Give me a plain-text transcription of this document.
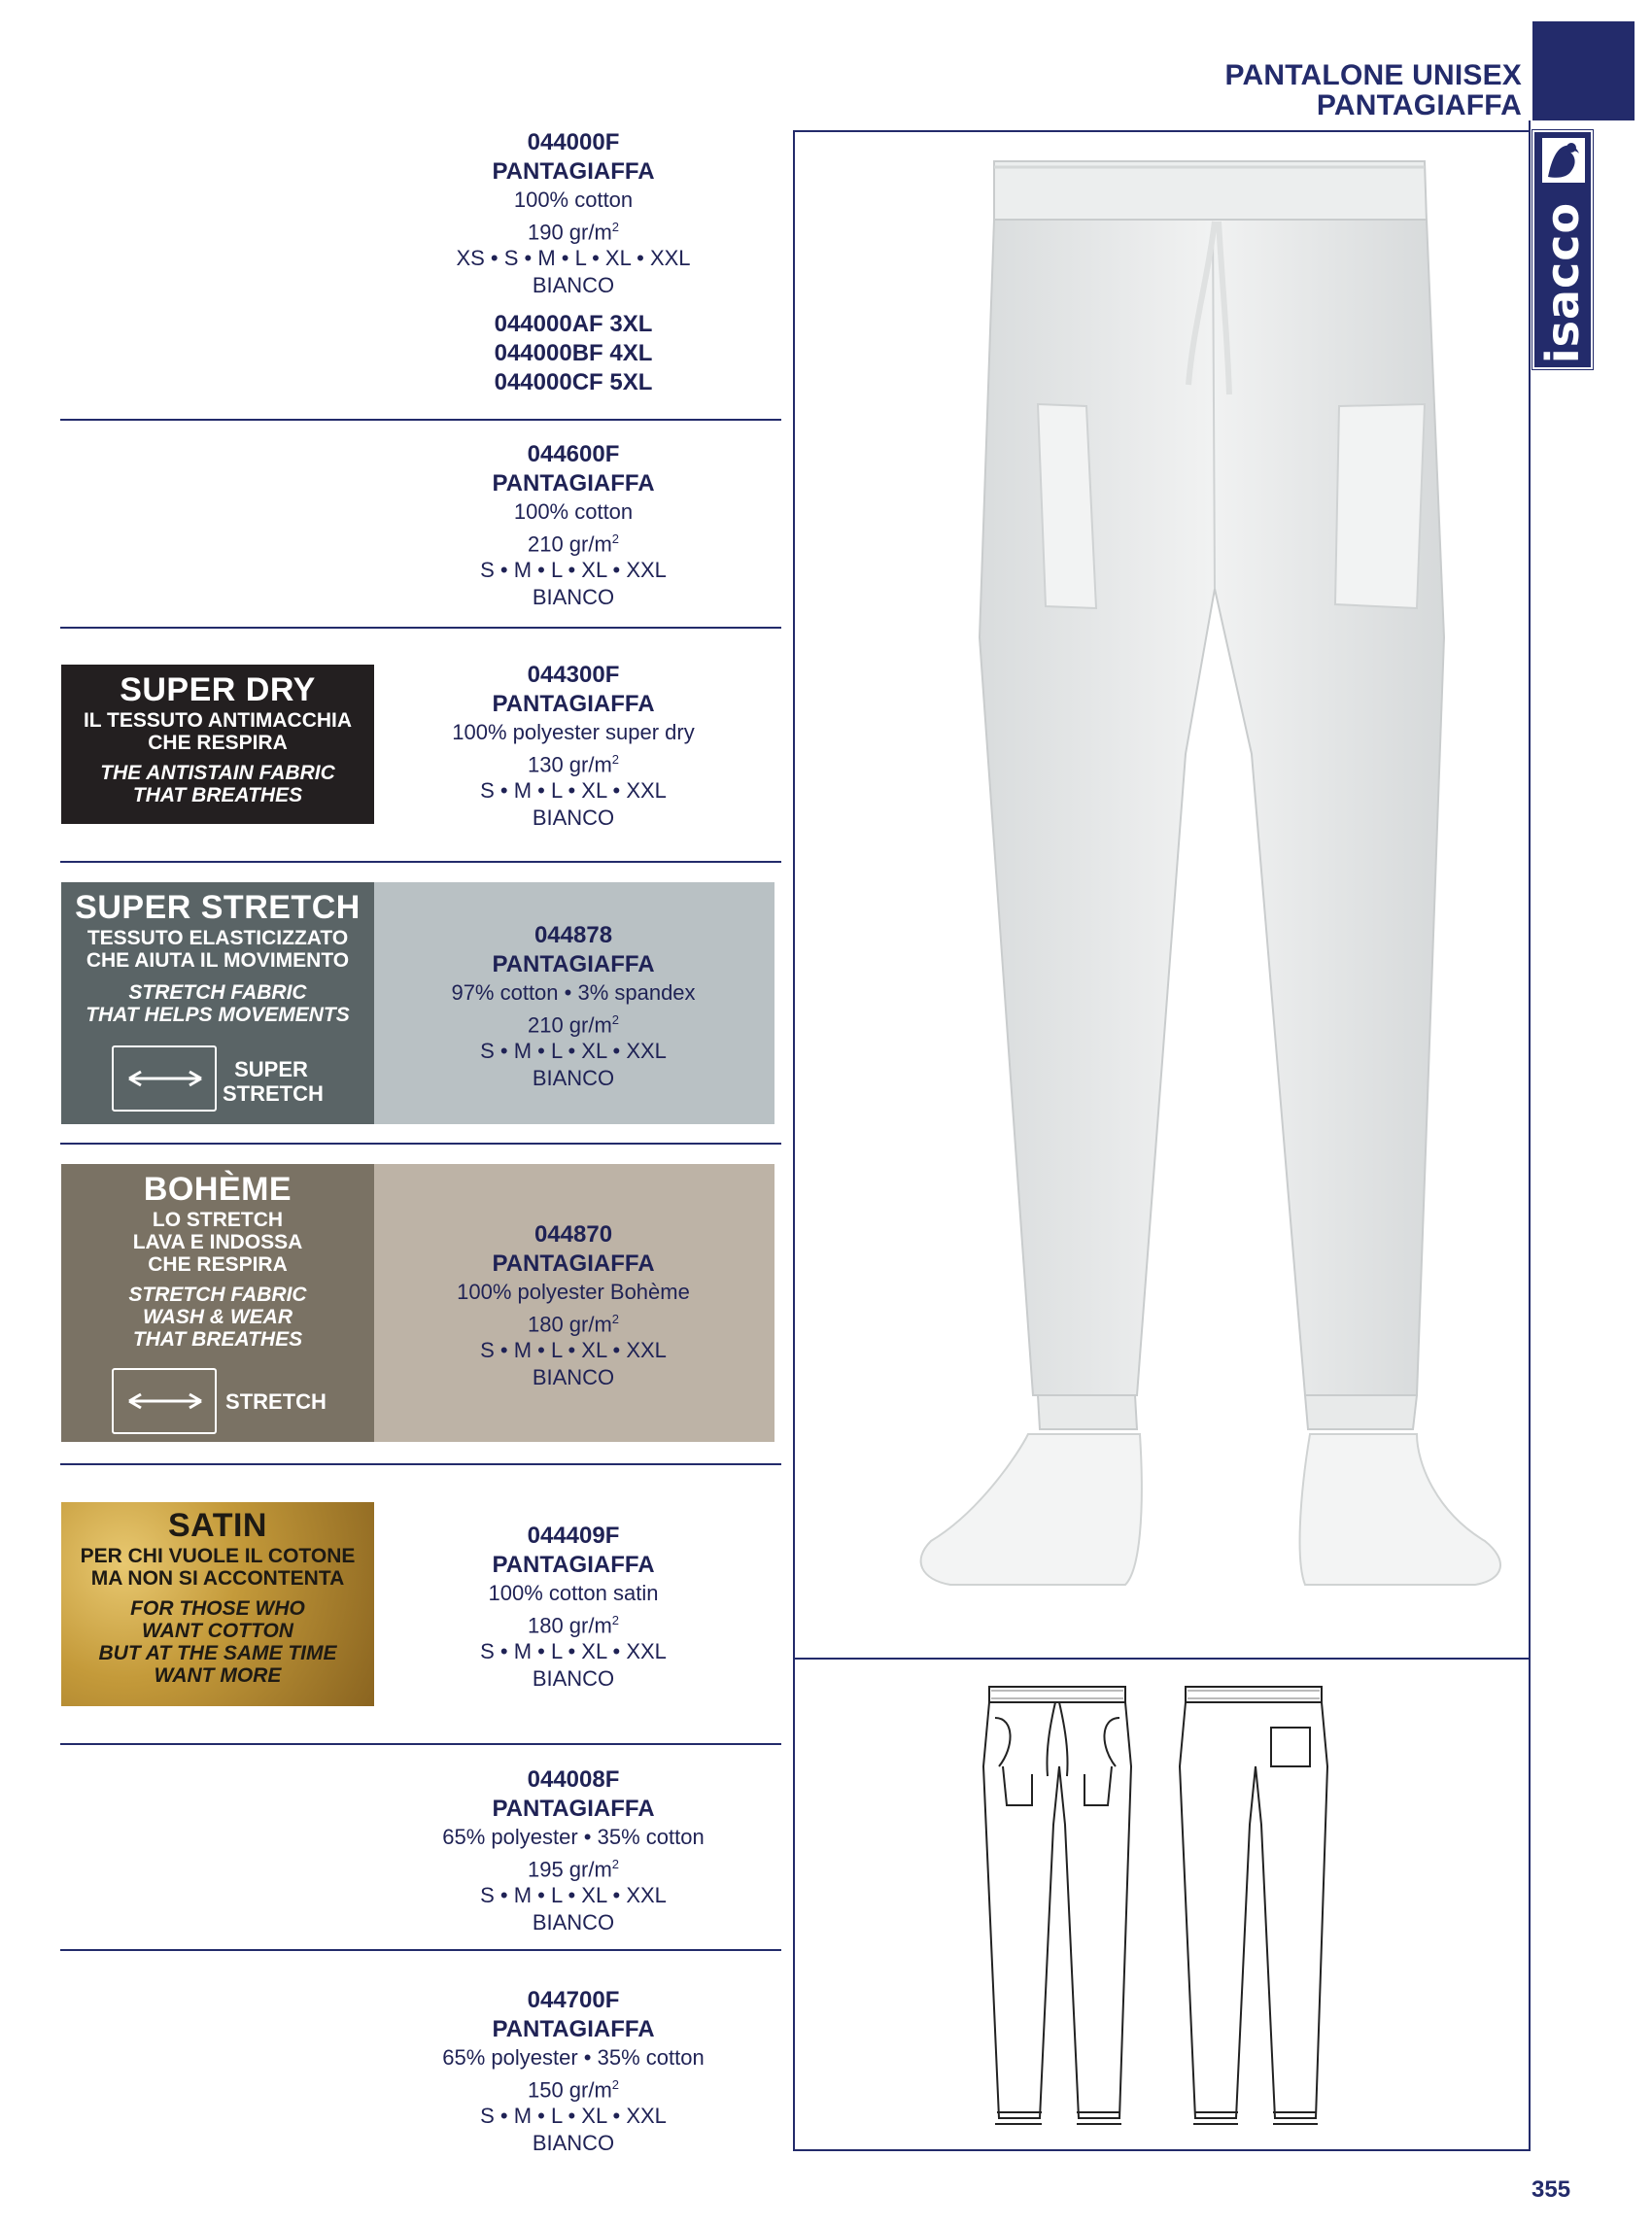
PANTALONE UNISEX
PANTAGIAFFA
isacco
044000F
PANTAGIAFFA
100% cotton
190 $gr/m^2$
XS • S • M • L • XL • XXL
BIANCO
044000AF 3XL
044000BF 4XL
044000CF 5XL
044600F
PANTAGIAFFA
100% cotton
210 $gr/m^2$
S • M • L • XL • XXL
BIANCO
SUPER DRY
IL TESSUTO ANTIMACCHIA
CHE RESPIRA
THE ANTISTAIN FABRIC
THAT BREATHES
044300F
PANTAGIAFFA
100% polyester super dry
130 $gr/m^2$
S • M • L • XL • XXL
BIANCO
SUPER STRETCH
TESSUTO ELASTICIZZATO
CHE AIUTA IL MOVIMENTO
STRETCH FABRIC
THAT HELPS MOVEMENTS
SUPER
STRETCH
044878
PANTAGIAFFA
97% cotton • 3% spandex
210 $gr/m^2$
S • M • L • XL • XXL
BIANCO
BOHÈME
LO STRETCH
LAVA E INDOSSA
CHE RESPIRA
STRETCH FABRIC
WASH & WEAR
THAT BREATHES
STRETCH
044870
PANTAGIAFFA
100% polyester Bohème
180 $gr/m^2$
S • M • L • XL • XXL
BIANCO
SATIN
PER CHI VUOLE IL COTONE
MA NON SI ACCONTENTA
FOR THOSE WHO
WANT COTTON
BUT AT THE SAME TIME
WANT MORE
044409F
PANTAGIAFFA
100% cotton satin
180 $gr/m^2$
S • M • L • XL • XXL
BIANCO
044008F
PANTAGIAFFA
65% polyester • 35% cotton
195 $gr/m^2$
S • M • L • XL • XXL
BIANCO
044700F
PANTAGIAFFA
65% polyester • 35% cotton
150 $gr/m^2$
S • M • L • XL • XXL
BIANCO
355
